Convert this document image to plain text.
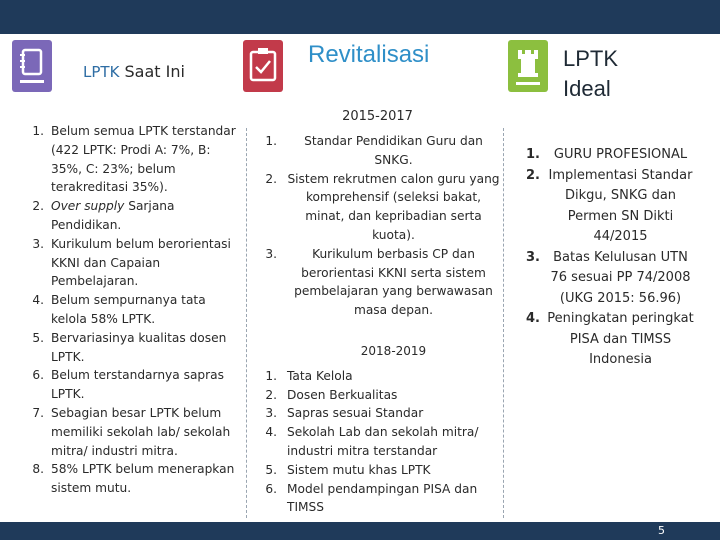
LPTK Saat Ini
Revitalisasi	LPTK Ideal
1. Belum semua LPTK terstandar (422 LPTK: Prodi A: 7%, B: 35%, C: 23%; belum terakreditasi 35%).
2. Over supply Sarjana Pendidikan.
3. Kurikulum belum berorientasi KKNI dan Capaian Pembelajaran.
4. Belum sempurnanya tata kelola 58% LPTK.
5. Bervariasinya kualitas dosen LPTK.
6. Belum terstandarnya sapras LPTK.
7. Sebagian besar LPTK belum memiliki sekolah lab/ sekolah mitra/ industri mitra.
8. 58% LPTK belum menerapkan sistem mutu.
2015-2017
1. Standar Pendidikan Guru dan SNKG.
2. Sistem rekrutmen calon guru yang komprehensif (seleksi bakat, minat, dan kepribadian serta kuota).
3.	Kurikulum berbasis CP dan berorientasi KKNI serta sistem pembelajaran yang berwawasan masa depan.
2018-2019
1. Tata Kelola
2. Dosen Berkualitas
3. Sapras sesuai Standar
4. Sekolah Lab dan sekolah mitra/ industri mitra terstandar
5. Sistem mutu khas LPTK
6. Model pendampingan PISA dan TIMSS
1. GURU PROFESIONAL
2. Implementasi Standar Dikgu, SNKG dan Permen SN Dikti 44/2015
3. Batas Kelulusan UTN 76 sesuai PP 74/2008 (UKG 2015: 56.96)
4. Peningkatan peringkat PISA dan TIMSS Indonesia
5
